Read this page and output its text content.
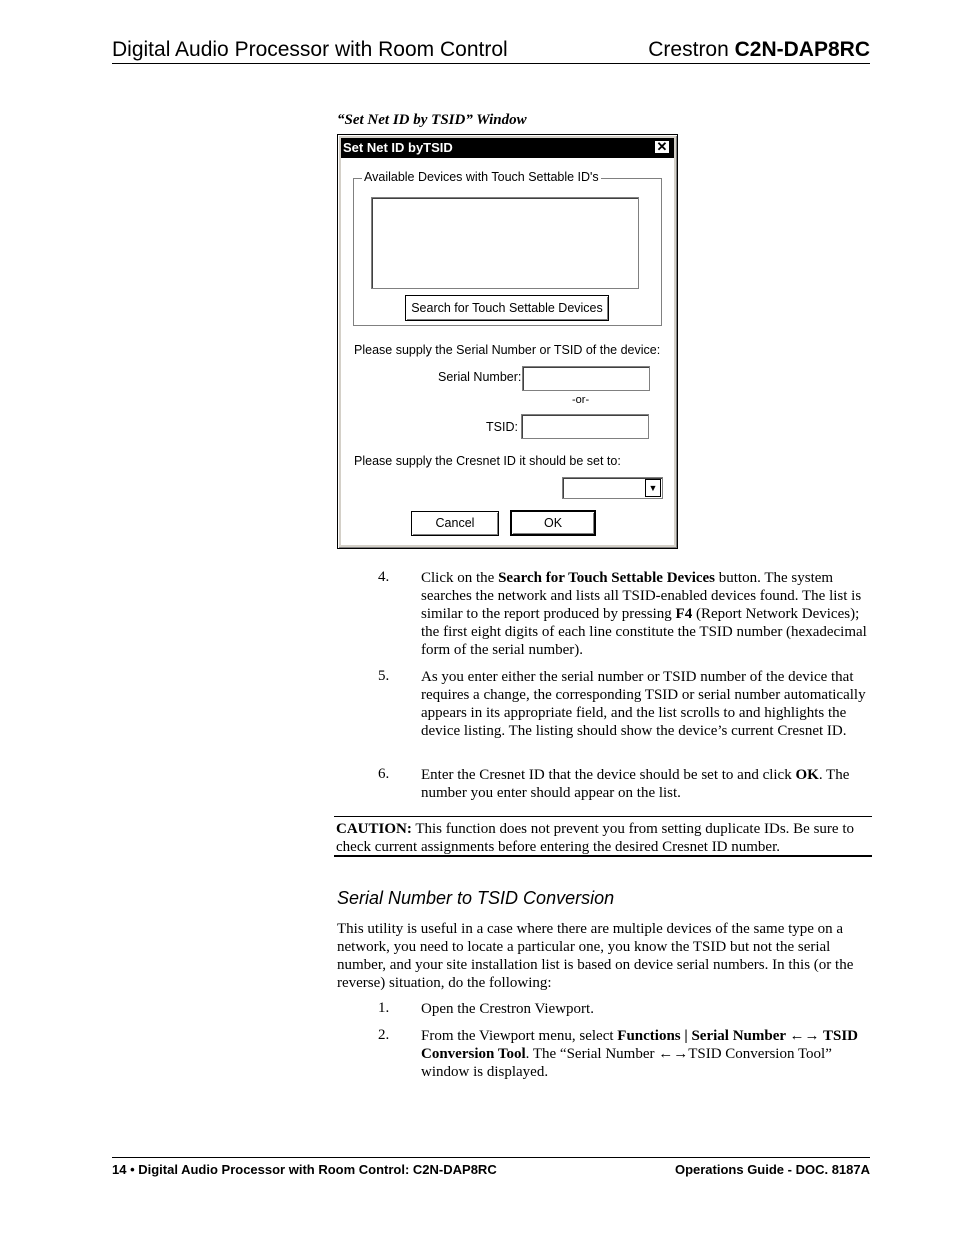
Digital Audio Processor with Room Control	Crestron C2N-DAP8RC
“Set Net ID by TSID” Window
Set Net ID byTSID	✕
Available Devices with Touch Settable ID's
Search for Touch Settable Devices
Please supply the Serial Number or TSID of the device:
Serial Number:
-or-
TSID:
Please supply the Cresnet ID it should be set to:
▼
Cancel	OK
4. Click on the Search for Touch Settable Devices button. The system searches the network and lists all TSID-enabled devices found. The list is similar to the report produced by pressing F4 (Report Network Devices); the first eight digits of each line constitute the TSID number (hexadecimal form of the serial number).
5. As you enter either the serial number or TSID number of the device that requires a change, the corresponding TSID or serial number automatically appears in its appropriate field, and the list scrolls to and highlights the device listing. The listing should show the device’s current Cresnet ID.
6. Enter the Cresnet ID that the device should be set to and click OK. The number you enter should appear on the list.

CAUTION: This function does not prevent you from setting duplicate IDs. Be sure to check current assignments before entering the desired Cresnet ID number.

Serial Number to TSID Conversion
This utility is useful in a case where there are multiple devices of the same type on a network, you need to locate a particular one, you know the TSID but not the serial number, and your site installation list is based on device serial numbers. In this (or the reverse) situation, do the following:
1. Open the Crestron Viewport.
2. From the Viewport menu, select Functions | Serial Number ←→ TSID Conversion Tool. The “Serial Number ←→TSID Conversion Tool” window is displayed.
14 • Digital Audio Processor with Room Control: C2N-DAP8RC	Operations Guide - DOC. 8187A
